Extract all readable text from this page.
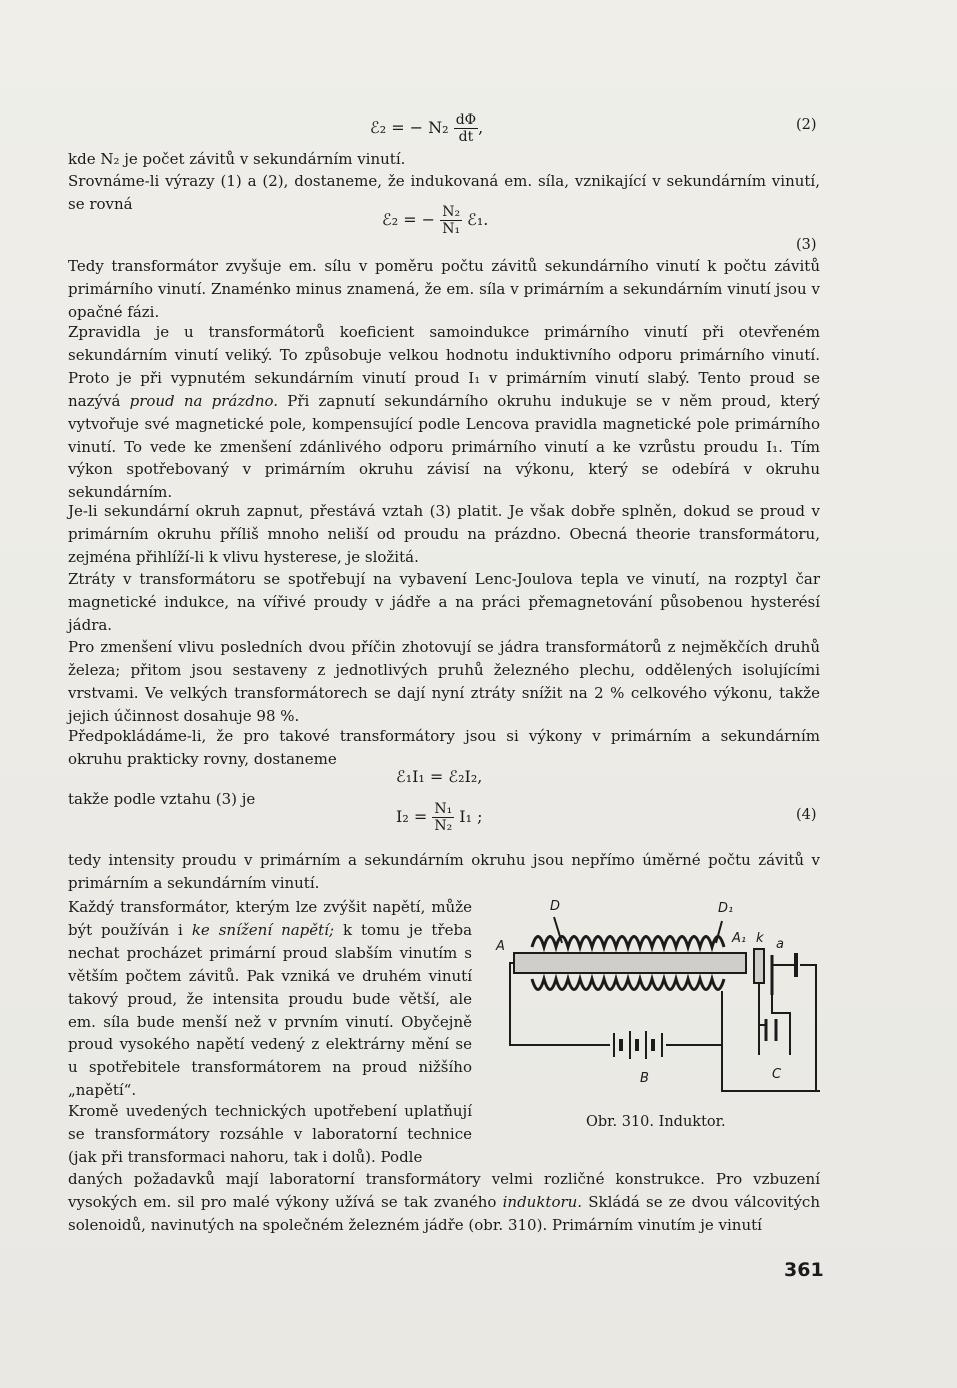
ℰ₂ = − $N_2 \frac{d\Phi}{dt}$ ,	(2)
kde N₂ je počet závitů v sekundárním vinutí.
Srovnáme-li výrazy (1) a (2), dostaneme, že indukovaná em. síla, vznikající v sekundárním vinutí, se rovná
ℰ₂ = − $\frac{\text{N₂}}{\text{N₁}}$ ℰ₁.
(3)
Tedy transformátor zvyšuje em. sílu v poměru počtu závitů sekundárního vinutí k počtu závitů primárního vinutí. Znaménko minus znamená, že em. síla v primárním a sekundárním vinutí jsou v opačné fázi.
Zpravidla je u transformátorů koeficient samoindukce primárního vinutí při otevřeném sekundárním vinutí veliký. To způsobuje velkou hodnotu induktivního odporu primárního vinutí. Proto je při vypnutém sekundárním vinutí proud I₁ v primárním vinutí slabý. Tento proud se nazývá proud na prázdno. Při zapnutí sekundárního okruhu indukuje se v něm proud, který vytvořuje své magnetické pole, kompensující podle Lencova pravidla magnetické pole primárního vinutí. To vede ke zmenšení zdánlivého odporu primárního vinutí a ke vzrůstu proudu I₁. Tím výkon spotřebovaný v primárním okruhu závisí na výkonu, který se odebírá v okruhu sekundárním.
Je-li sekundární okruh zapnut, přestává vztah (3) platit. Je však dobře splněn, dokud se proud v primárním okruhu příliš mnoho neliší od proudu na prázdno. Obecná theorie transformátoru, zejména přihlíží-li k vlivu hysterese, je složitá.
Ztráty v transformátoru se spotřebují na vybavení Lenc-Joulova tepla ve vinutí, na rozptyl čar magnetické indukce, na vířivé proudy v jádře a na práci přemagnetování působenou hysterésí jádra.
Pro zmenšení vlivu posledních dvou příčin zhotovují se jádra transformátorů z nejměkčích druhů železa; přitom jsou sestaveny z jednotlivých pruhů železného plechu, oddělených isolujícími vrstvami. Ve velkých transformátorech se dají nyní ztráty snížit na 2 % celkového výkonu, takže jejich účinnost dosahuje 98 %.
Předpokládáme-li, že pro takové transformátory jsou si výkony v primárním a sekundárním okruhu prakticky rovny, dostaneme
ℰ₁I₁ = ℰ₂I₂,
takže podle vztahu (3) je
$I_2 = \frac{\text{N₁}}{\text{N₂}} I_1$ ;	(4)
tedy intensity proudu v primárním a sekundárním okruhu jsou nepřímo úměrné počtu závitů v primárním a sekundárním vinutí.
Každý transformátor, kterým lze zvýšit napětí, může být používán i ke snížení napětí; k tomu je třeba nechat procházet primární proud slabším vinutím s větším počtem závitů. Pak vzniká ve druhém vinutí takový proud, že intensita proudu bude větší, ale em. síla bude menší než v prvním vinutí. Obyčejně proud vysokého napětí vedený z elektrárny mění se u spotřebitele transformátorem na proud nižšího „napětí“.
Kromě uvedených technických upotřebení uplatňují se transformátory rozsáhle v laboratorní technice (jak při transformaci nahoru, tak i dolů). Podle
daných požadavků mají laboratorní transformátory velmi rozličné konstrukce. Pro vzbuzení vysokých em. sil pro malé výkony užívá se tak zvaného induktoru. Skládá se ze dvou válcovitých solenoidů, navinutých na společném železném jádře (obr. 310). Primárním vinutím je vinutí
D	D₁
A
A₁ k a
B	C
Obr. 310. Induktor.
361
